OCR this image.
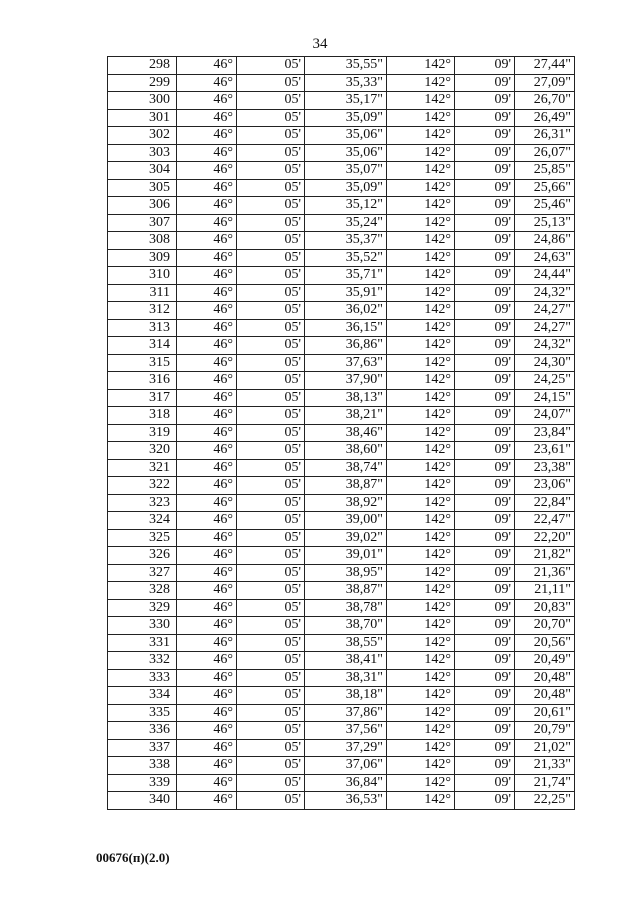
34
298	46°	05'	35,55"	142°	09'	27,44"
299	46°	05'	35,33"	142°	09'	27,09"
300	46°	05'	35,17"	142°	09'	26,70"
301	46°	05'	35,09"	142°	09'	26,49"
302	46°	05'	35,06"	142°	09'	26,31"
303	46°	05'	35,06"	142°	09'	26,07"
304	46°	05'	35,07"	142°	09'	25,85"
305	46°	05'	35,09"	142°	09'	25,66"
306	46°	05'	35,12"	142°	09'	25,46"
307	46°	05'	35,24"	142°	09'	25,13"
308	46°	05'	35,37"	142°	09'	24,86"
309	46°	05'	35,52"	142°	09'	24,63"
310	46°	05'	35,71"	142°	09'	24,44"
311	46°	05'	35,91"	142°	09'	24,32"
312	46°	05'	36,02"	142°	09'	24,27"
313	46°	05'	36,15"	142°	09'	24,27"
314	46°	05'	36,86"	142°	09'	24,32"
315	46°	05'	37,63"	142°	09'	24,30"
316	46°	05'	37,90"	142°	09'	24,25"
317	46°	05'	38,13"	142°	09'	24,15"
318	46°	05'	38,21"	142°	09'	24,07"
319	46°	05'	38,46"	142°	09'	23,84"
320	46°	05'	38,60"	142°	09'	23,61"
321	46°	05'	38,74"	142°	09'	23,38"
322	46°	05'	38,87"	142°	09'	23,06"
323	46°	05'	38,92"	142°	09'	22,84"
324	46°	05'	39,00"	142°	09'	22,47"
325	46°	05'	39,02"	142°	09'	22,20"
326	46°	05'	39,01"	142°	09'	21,82"
327	46°	05'	38,95"	142°	09'	21,36"
328	46°	05'	38,87"	142°	09'	21,11"
329	46°	05'	38,78"	142°	09'	20,83"
330	46°	05'	38,70"	142°	09'	20,70"
331	46°	05'	38,55"	142°	09'	20,56"
332	46°	05'	38,41"	142°	09'	20,49"
333	46°	05'	38,31"	142°	09'	20,48"
334	46°	05'	38,18"	142°	09'	20,48"
335	46°	05'	37,86"	142°	09'	20,61"
336	46°	05'	37,56"	142°	09'	20,79"
337	46°	05'	37,29"	142°	09'	21,02"
338	46°	05'	37,06"	142°	09'	21,33"
339	46°	05'	36,84"	142°	09'	21,74"
340	46°	05'	36,53"	142°	09'	22,25"
00676(п)(2.0)
